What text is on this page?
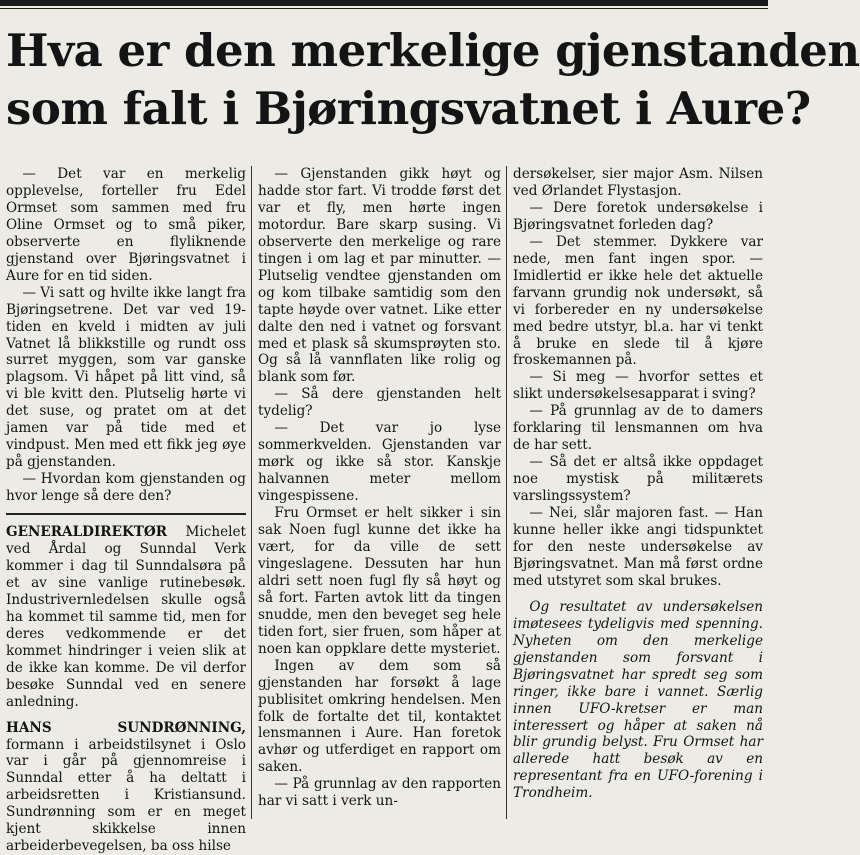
Hva er den merkelige gjenstanden
som falt i Bjøringsvatnet i Aure?

— Det var en merkelig opplevelse, forteller fru Edel Ormset som sammen med fru Oline Ormset og to små piker, observerte en flyliknende gjenstand over Bjøringsvatnet i Aure for en tid siden.

— Vi satt og hvilte ikke langt fra Bjøringsetrene. Det var ved 19-tiden en kveld i midten av juli Vatnet lå blikkstille og rundt oss surret myggen, som var ganske plagsom. Vi håpet på litt vind, så vi ble kvitt den. Plutselig hørte vi det suse, og pratet om at det jamen var på tide med et vindpust. Men med ett fikk jeg øye på gjenstanden.

— Hvordan kom gjenstanden og hvor lenge så dere den?

GENERALDIREKTØR Michelet ved Årdal og Sunndal Verk kommer i dag til Sunndalsøra på et av sine vanlige rutinebesøk. Industrivernledelsen skulle også ha kommet til samme tid, men for deres vedkommende er det kommet hindringer i veien slik at de ikke kan komme. De vil derfor besøke Sunndal ved en senere anledning.

HANS SUNDRØNNING, formann i arbeidstilsynet i Oslo var i går på gjennomreise i Sunndal etter å ha deltatt i arbeidsretten i Kristiansund. Sundrønning som er en meget kjent skikkelse innen arbeiderbevegelsen, ba oss hilse

— Gjenstanden gikk høyt og hadde stor fart. Vi trodde først det var et fly, men hørte ingen motordur. Bare skarp susing. Vi observerte den merkelige og rare tingen i om lag et par minutter. — Plutselig vendtee gjenstanden om og kom tilbake samtidig som den tapte høyde over vatnet. Like etter dalte den ned i vatnet og forsvant med et plask så skumsprøyten sto. Og så lå vannflaten like rolig og blank som før.

— Så dere gjenstanden helt tydelig?

— Det var jo lyse sommerkvelden. Gjenstanden var mørk og ikke så stor. Kanskje halvannen meter mellom vingespissene.

Fru Ormset er helt sikker i sin sak Noen fugl kunne det ikke ha vært, for da ville de sett vingeslagene. Dessuten har hun aldri sett noen fugl fly så høyt og så fort. Farten avtok litt da tingen snudde, men den beveget seg hele tiden fort, sier fruen, som håper at noen kan oppklare dette mysteriet.

Ingen av dem som så gjenstanden har forsøkt å lage publisitet omkring hendelsen. Men folk de fortalte det til, kontaktet lensmannen i Aure. Han foretok avhør og utferdiget en rapport om saken.

— På grunnlag av den rapporten har vi satt i verk un-

dersøkelser, sier major Asm. Nilsen ved Ørlandet Flystasjon.

— Dere foretok undersøkelse i Bjøringsvatnet forleden dag?

— Det stemmer. Dykkere var nede, men fant ingen spor. — Imidlertid er ikke hele det aktuelle farvann grundig nok undersøkt, så vi forbereder en ny undersøkelse med bedre utstyr, bl.a. har vi tenkt å bruke en slede til å kjøre froskemannen på.

— Si meg — hvorfor settes et slikt undersøkelsesapparat i sving?

— På grunnlag av de to damers forklaring til lensmannen om hva de har sett.

— Så det er altså ikke oppdaget noe mystisk på militærets varslingssystem?

— Nei, slår majoren fast. — Han kunne heller ikke angi tidspunktet for den neste undersøkelse av Bjøringsvatnet. Man må først ordne med utstyret som skal brukes.

Og resultatet av undersøkelsen imøtesees tydeligvis med spenning. Nyheten om den merkelige gjenstanden som forsvant i Bjøringsvatnet har spredt seg som ringer, ikke bare i vannet. Særlig innen UFO-kretser er man interessert og håper at saken nå blir grundig belyst. Fru Ormset har allerede hatt besøk av en representant fra en UFO-forening i Trondheim.
